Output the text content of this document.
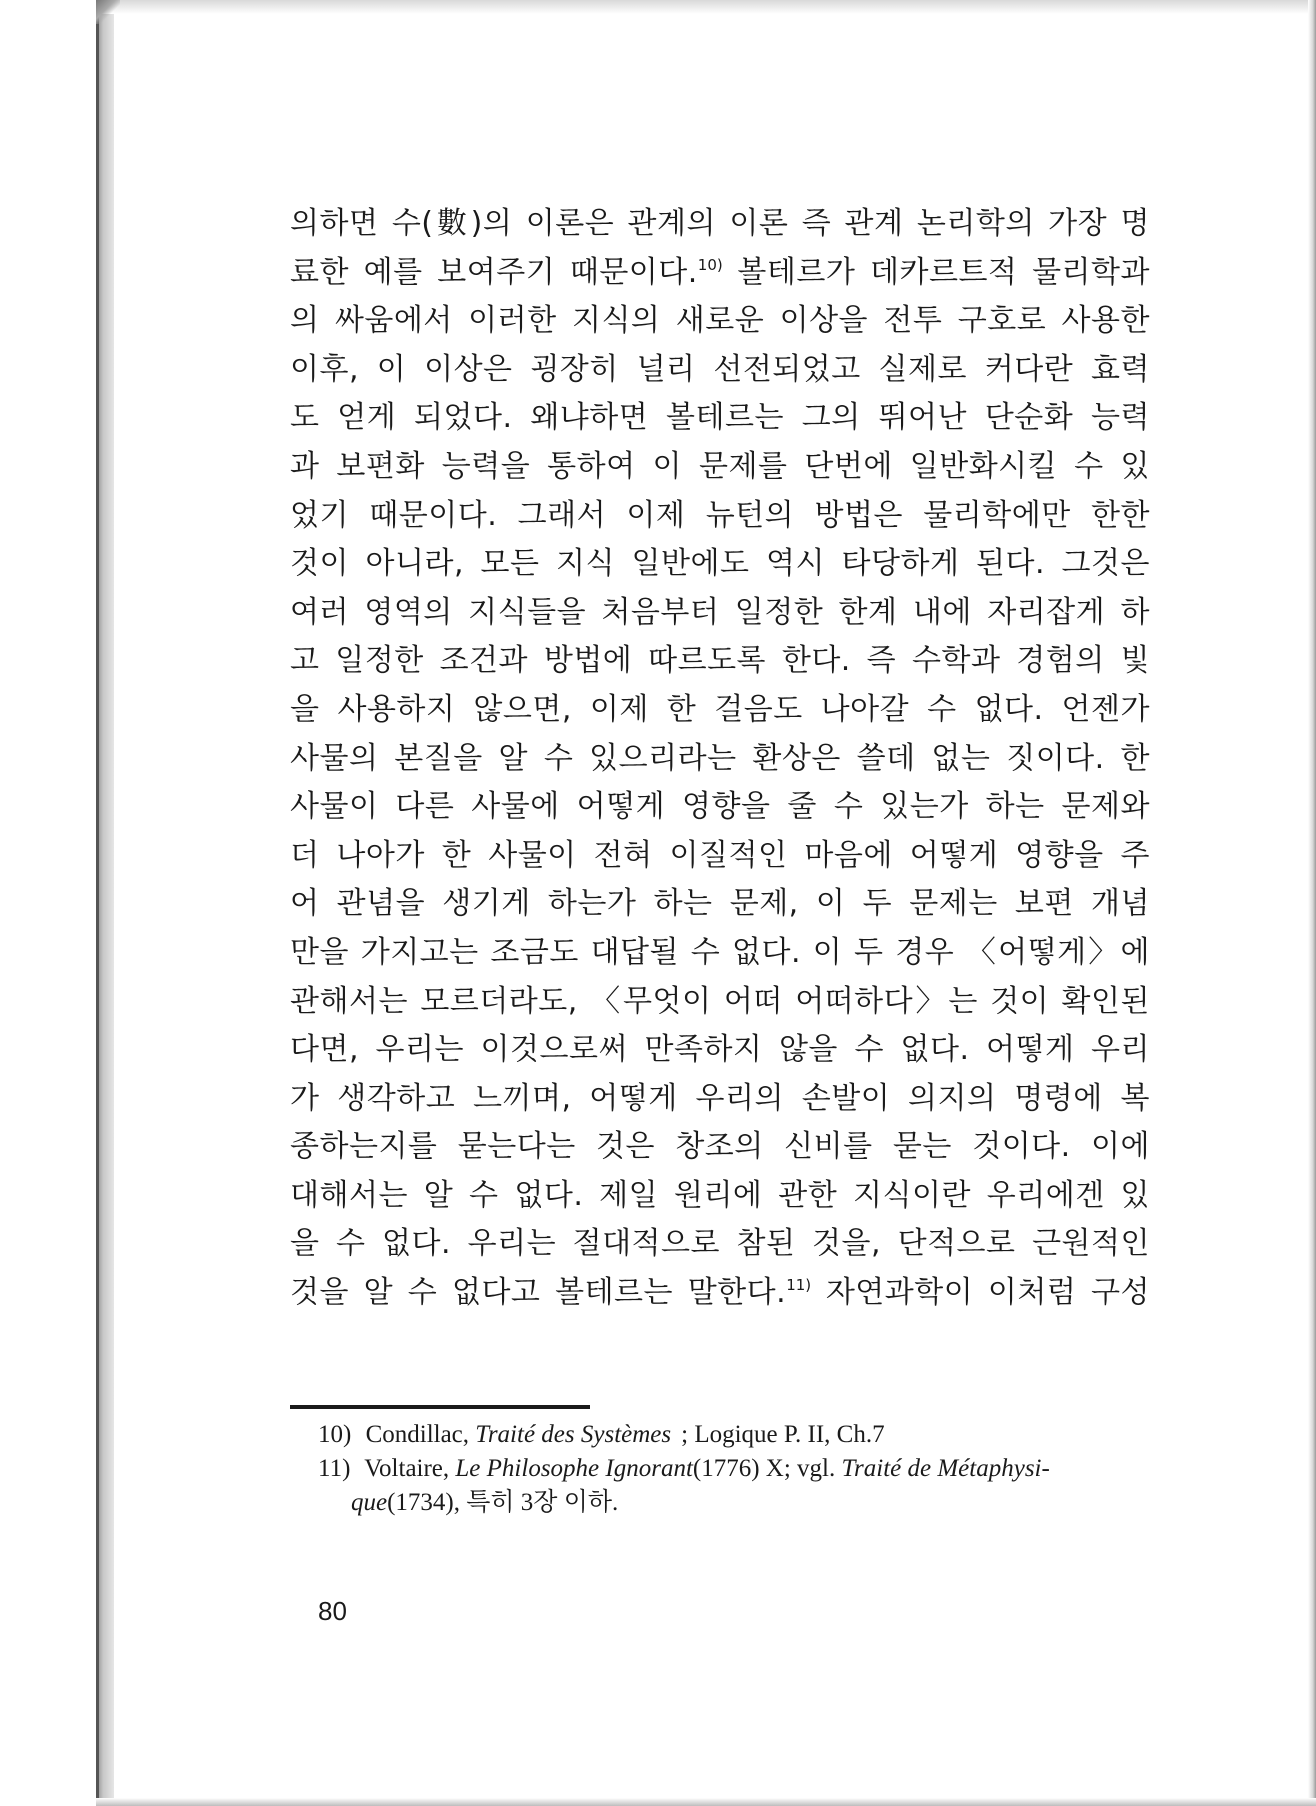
의하면 수(數)의 이론은 관계의 이론 즉 관계 논리학의 가장 명
료한 예를 보여주기 때문이다.$^{10)}$ 볼테르가 데카르트적 물리학과
의 싸움에서 이러한 지식의 새로운 이상을 전투 구호로 사용한
이후, 이 이상은 굉장히 널리 선전되었고 실제로 커다란 효력
도 얻게 되었다. 왜냐하면 볼테르는 그의 뛰어난 단순화 능력
과 보편화 능력을 통하여 이 문제를 단번에 일반화시킬 수 있
었기 때문이다. 그래서 이제 뉴턴의 방법은 물리학에만 한한
것이 아니라, 모든 지식 일반에도 역시 타당하게 된다. 그것은
여러 영역의 지식들을 처음부터 일정한 한계 내에 자리잡게 하
고 일정한 조건과 방법에 따르도록 한다. 즉 수학과 경험의 빛
을 사용하지 않으면, 이제 한 걸음도 나아갈 수 없다. 언젠가
사물의 본질을 알 수 있으리라는 환상은 쓸데 없는 짓이다. 한
사물이 다른 사물에 어떻게 영향을 줄 수 있는가 하는 문제와
더 나아가 한 사물이 전혀 이질적인 마음에 어떻게 영향을 주
어 관념을 생기게 하는가 하는 문제, 이 두 문제는 보편 개념
만을 가지고는 조금도 대답될 수 없다. 이 두 경우 〈어떻게〉에
관해서는 모르더라도, 〈무엇이 어떠 어떠하다〉는 것이 확인된
다면, 우리는 이것으로써 만족하지 않을 수 없다. 어떻게 우리
가 생각하고 느끼며, 어떻게 우리의 손발이 의지의 명령에 복
종하는지를 묻는다는 것은 창조의 신비를 묻는 것이다. 이에
대해서는 알 수 없다. 제일 원리에 관한 지식이란 우리에겐 있
을 수 없다. 우리는 절대적으로 참된 것을, 단적으로 근원적인
것을 알 수 없다고 볼테르는 말한다.$^{11)}$ 자연과학이 이처럼 구성
10) Condillac, Traité des Systèmes ; Logique P. II, Ch.7
11) Voltaire, Le Philosophe Ignorant(1776) X; vgl. Traité de Métaphysi-
que(1734), 특히 3장 이하.
80
